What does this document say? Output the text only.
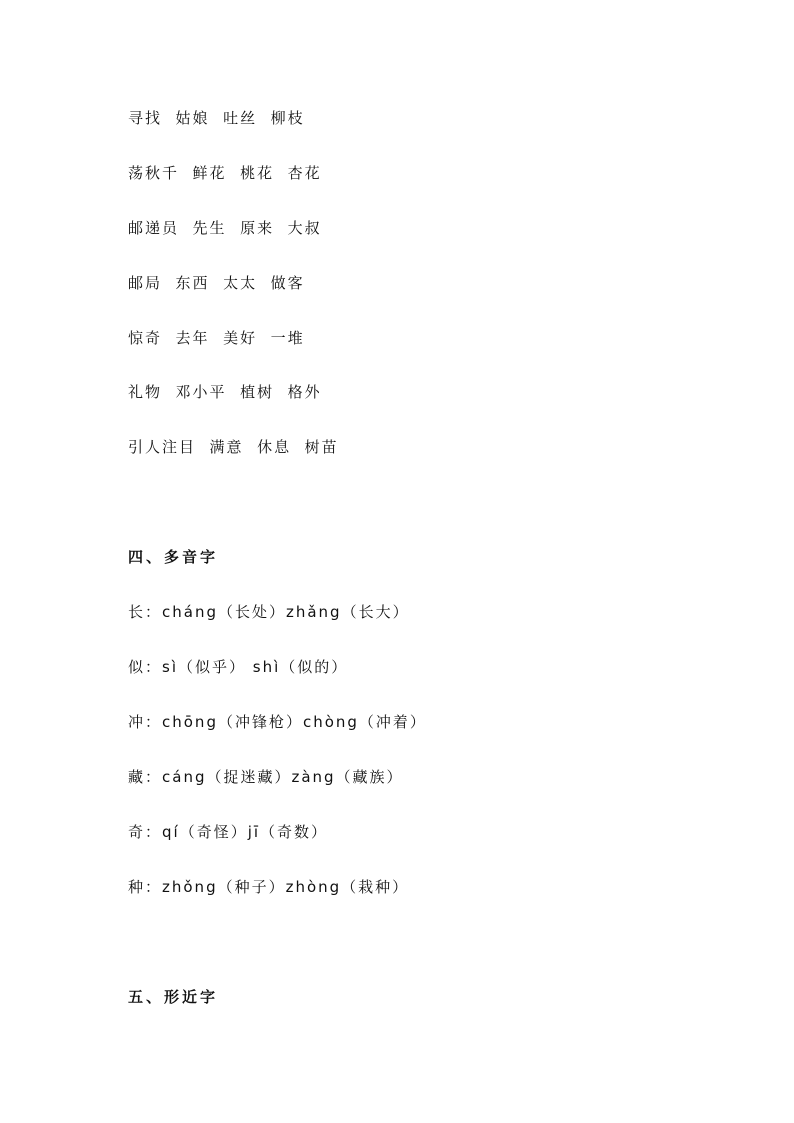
寻找  姑娘  吐丝  柳枝
荡秋千  鲜花  桃花  杏花
邮递员  先生  原来  大叔
邮局  东西  太太  做客
惊奇  去年  美好  一堆
礼物  邓小平  植树  格外
引人注目  满意  休息  树苗
四、多音字
长：cháng（长处）zhǎng（长大）
似：sì（似乎） shì（似的）
冲：chōng（冲锋枪）chòng（冲着）
藏：cáng（捉迷藏）zàng（藏族）
奇：qí（奇怪）jī（奇数）
种：zhǒng（种子）zhòng（栽种）
五、形近字
